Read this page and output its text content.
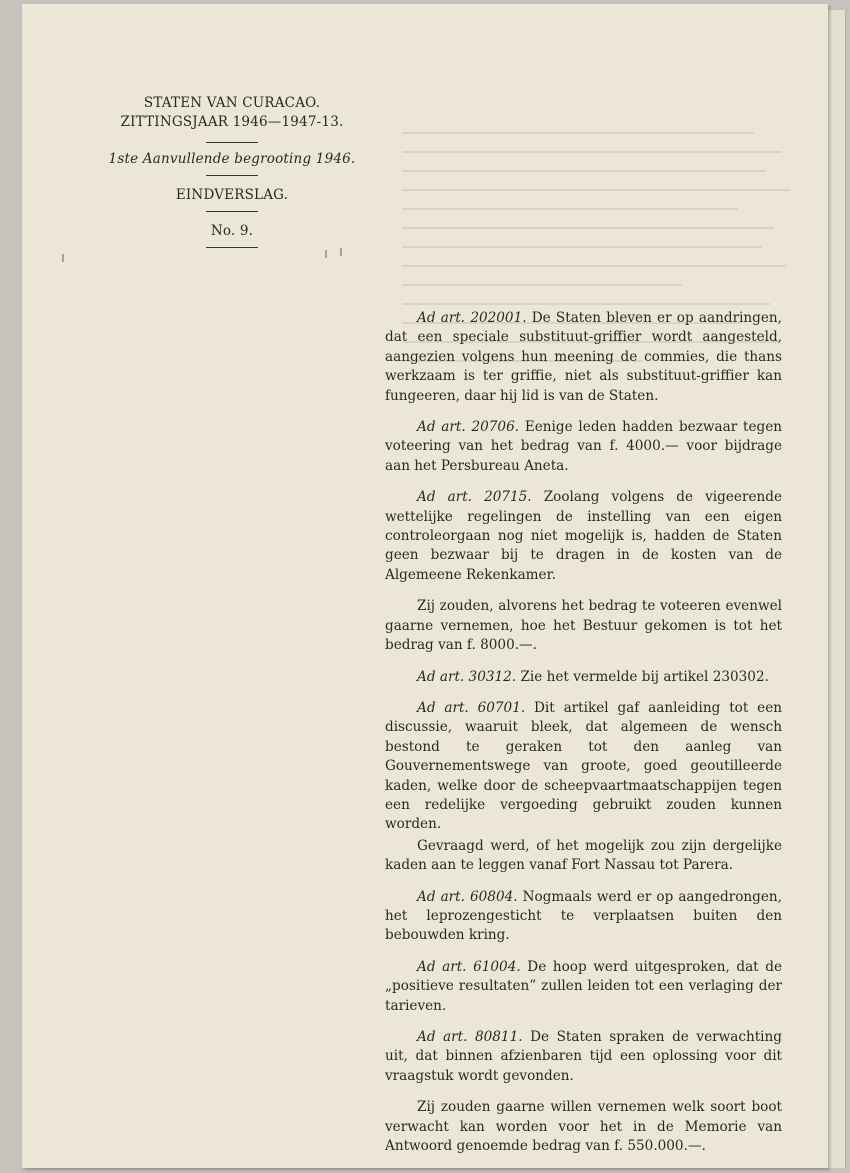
STATEN VAN CURACAO.

ZITTINGSJAAR 1946—1947-13.

1ste Aanvullende begrooting 1946.

EINDVERSLAG.

No. 9.

Ad art. 202001. De Staten bleven er op aandringen, dat een speciale substituut-griffier wordt aangesteld, aangezien volgens hun meening de commies, die thans werkzaam is ter griffie, niet als substituut-griffier kan fungeeren, daar hij lid is van de Staten.

Ad art. 20706. Eenige leden hadden bezwaar tegen voteering van het bedrag van f. 4000.— voor bijdrage aan het Persbureau Aneta.

Ad art. 20715. Zoolang volgens de vigeerende wettelijke regelingen de instelling van een eigen controleorgaan nog niet mogelijk is, hadden de Staten geen bezwaar bij te dragen in de kosten van de Algemeene Rekenkamer.

Zij zouden, alvorens het bedrag te voteeren evenwel gaarne vernemen, hoe het Bestuur gekomen is tot het bedrag van f. 8000.—.

Ad art. 30312. Zie het vermelde bij artikel 230302.

Ad art. 60701. Dit artikel gaf aanleiding tot een discussie, waaruit bleek, dat algemeen de wensch bestond te geraken tot den aanleg van Gouvernementswege van groote, goed geoutilleerde kaden, welke door de scheepvaartmaatschappijen tegen een redelijke vergoeding gebruikt zouden kunnen worden.

Gevraagd werd, of het mogelijk zou zijn dergelijke kaden aan te leggen vanaf Fort Nassau tot Parera.

Ad art. 60804. Nogmaals werd er op aangedrongen, het leprozengesticht te verplaatsen buiten den bebouwden kring.

Ad art. 61004. De hoop werd uitgesproken, dat de „positieve resultaten” zullen leiden tot een verlaging der tarieven.

Ad art. 80811. De Staten spraken de verwachting uit, dat binnen afzienbaren tijd een oplossing voor dit vraagstuk wordt gevonden.

Zij zouden gaarne willen vernemen welk soort boot verwacht kan worden voor het in de Memorie van Antwoord genoemde bedrag van f. 550.000.—.
